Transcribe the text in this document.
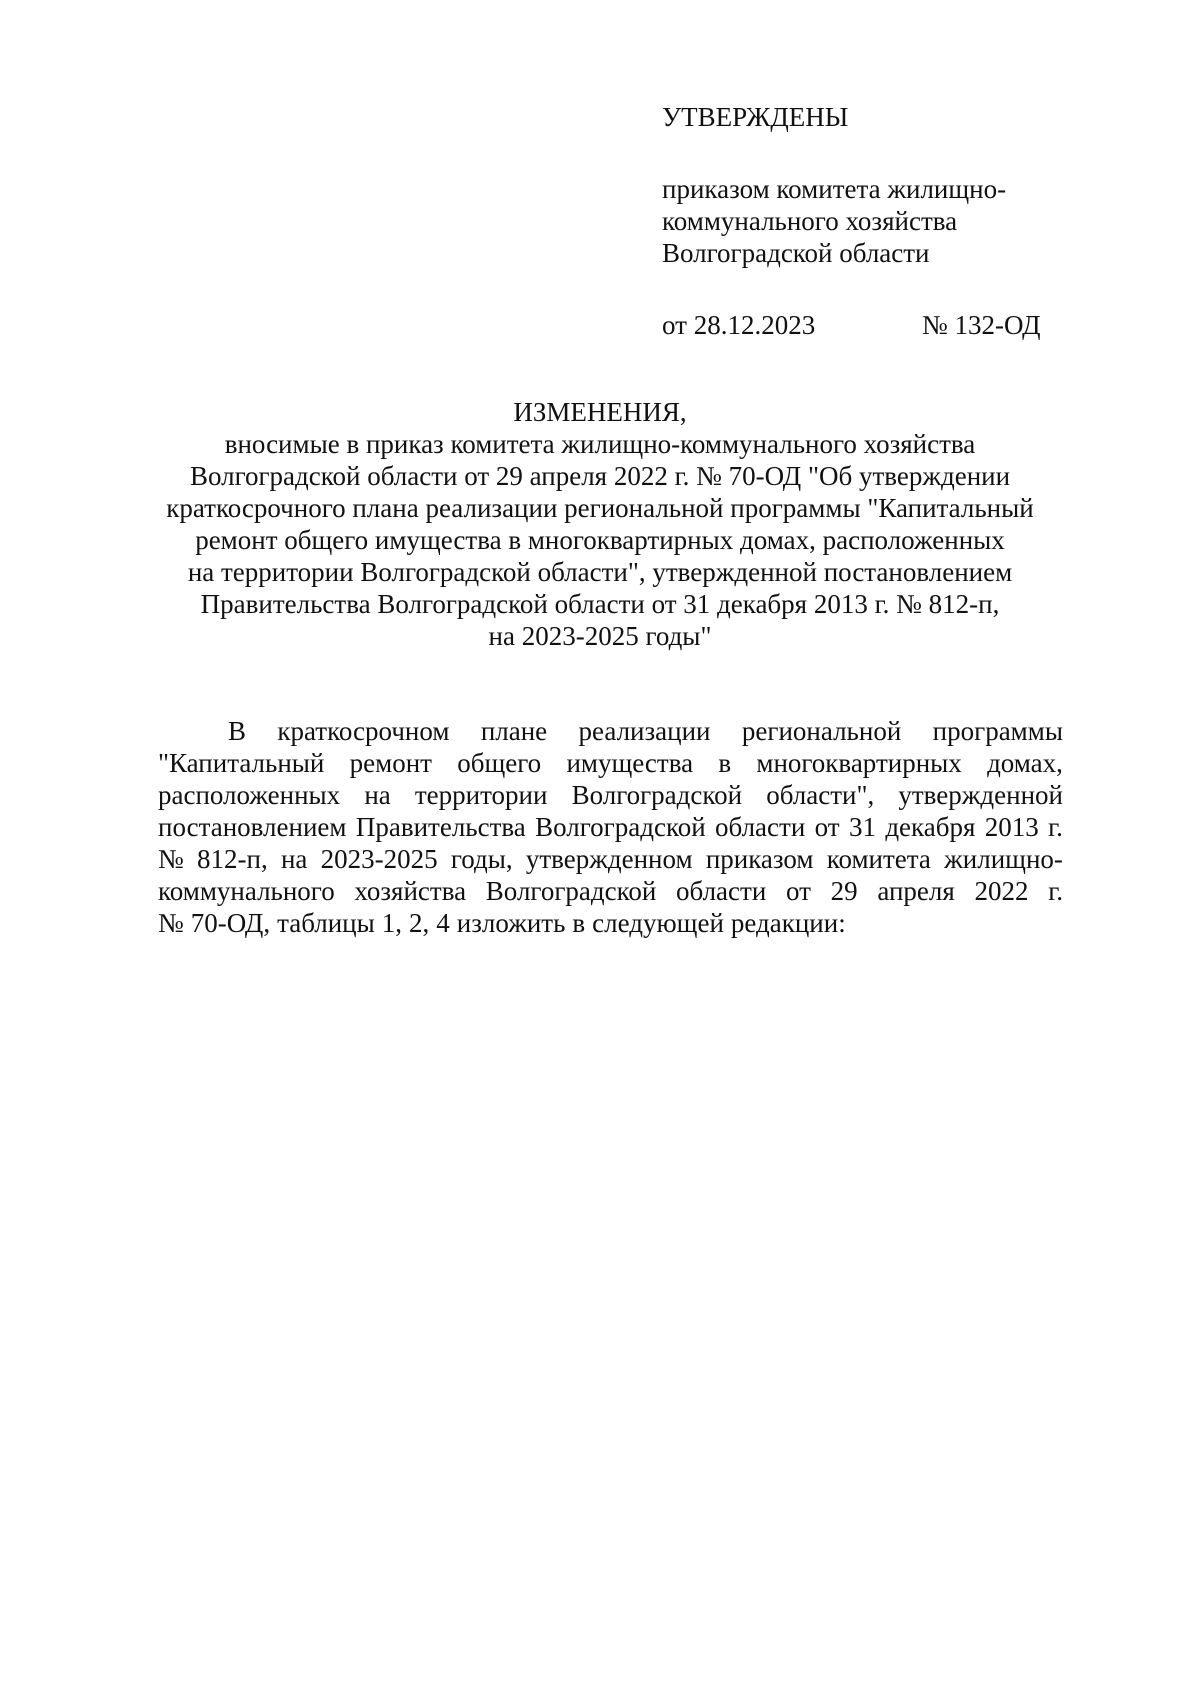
УТВЕРЖДЕНЫ
приказом комитета жилищно-
коммунального хозяйства
Волгоградской области
от 28.12.2023	№ 132-ОД
ИЗМЕНЕНИЯ,
вносимые в приказ комитета жилищно-коммунального хозяйства
Волгоградской области от 29 апреля 2022 г. № 70-ОД "Об утверждении
краткосрочного плана реализации региональной программы "Капитальный
ремонт общего имущества в многоквартирных домах, расположенных
на территории Волгоградской области", утвержденной постановлением
Правительства Волгоградской области от 31 декабря 2013 г. № 812-п,
на 2023-2025 годы"
В краткосрочном плане реализации региональной программы
"Капитальный ремонт общего имущества в многоквартирных домах,
расположенных на территории Волгоградской области", утвержденной
постановлением Правительства Волгоградской области от 31 декабря 2013 г.
№ 812-п, на 2023-2025 годы, утвержденном приказом комитета жилищно-
коммунального хозяйства Волгоградской области от 29 апреля 2022 г.
№ 70-ОД, таблицы 1, 2, 4 изложить в следующей редакции:
